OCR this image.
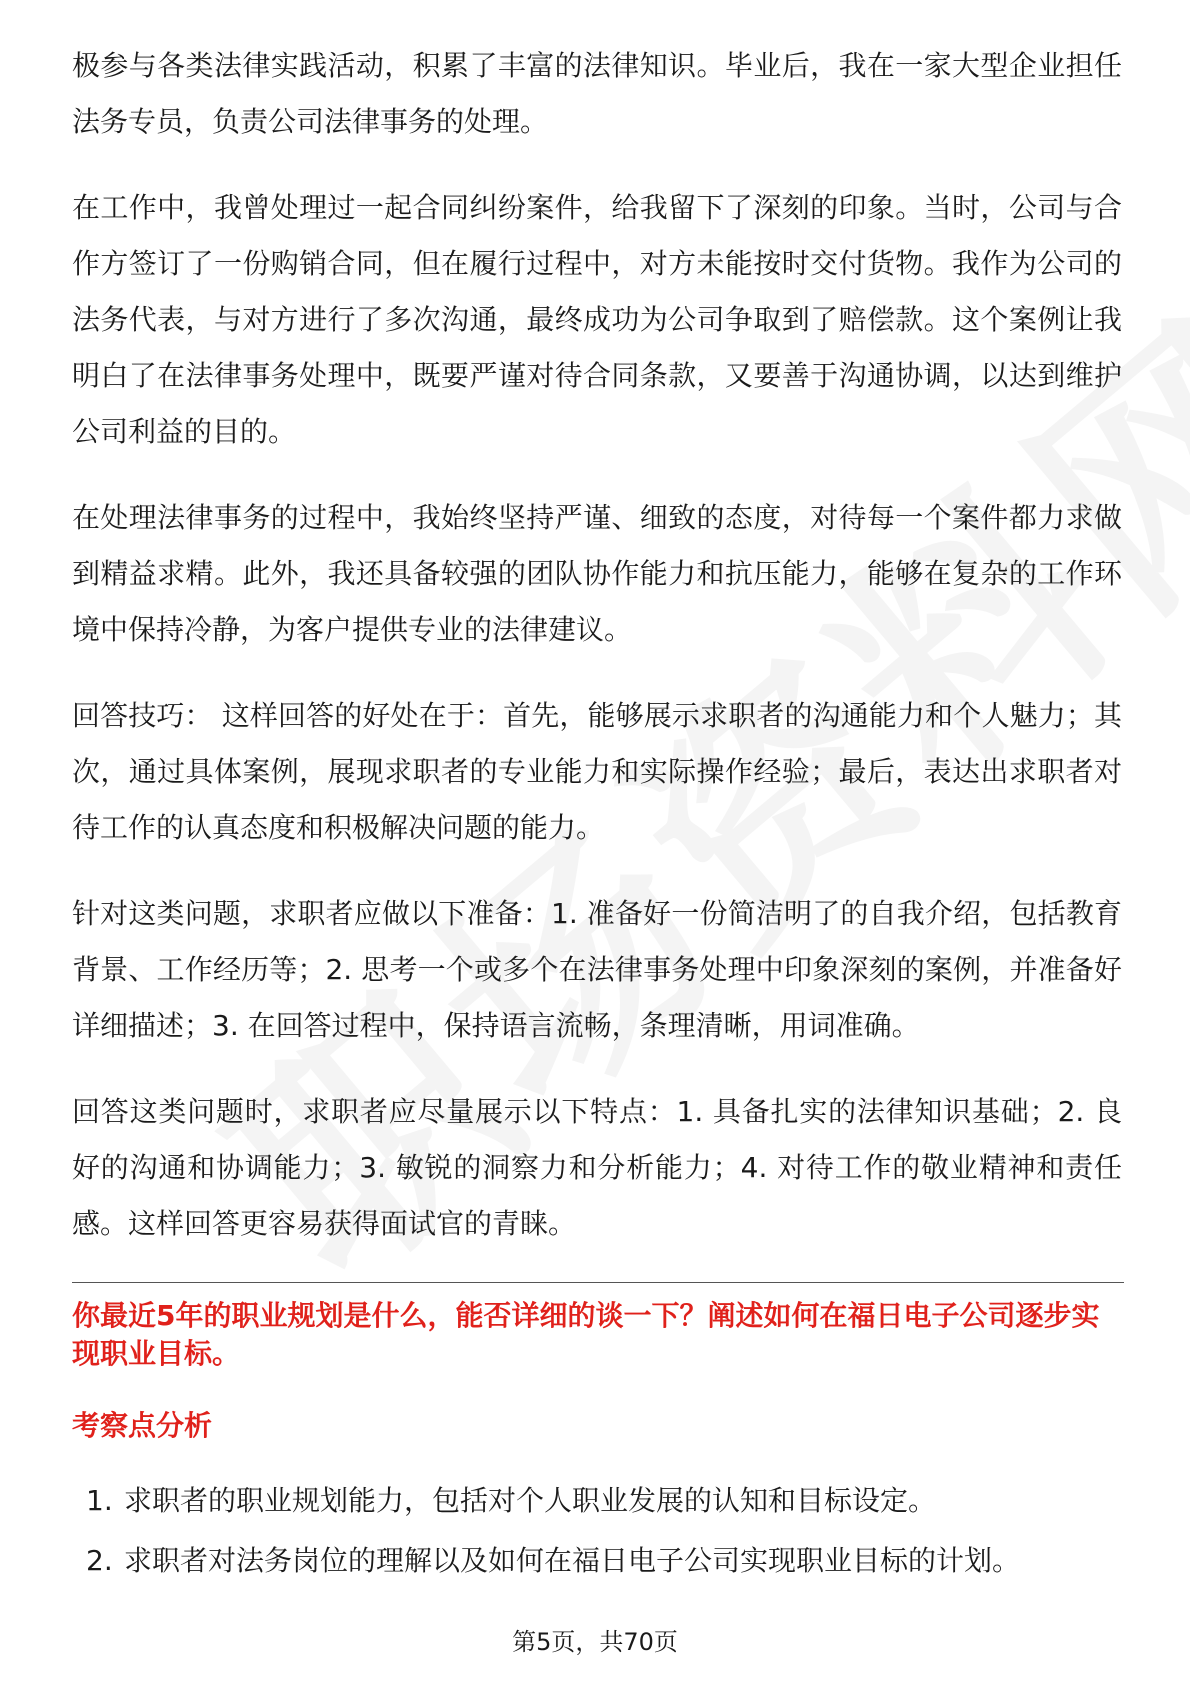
极参与各类法律实践活动，积累了丰富的法律知识。毕业后，我在一家大型企业担任法务专员，负责公司法律事务的处理。

在工作中，我曾处理过一起合同纠纷案件，给我留下了深刻的印象。当时，公司与合作方签订了一份购销合同，但在履行过程中，对方未能按时交付货物。我作为公司的法务代表，与对方进行了多次沟通，最终成功为公司争取到了赔偿款。这个案例让我明白了在法律事务处理中，既要严谨对待合同条款，又要善于沟通协调，以达到维护公司利益的目的。

在处理法律事务的过程中，我始终坚持严谨、细致的态度，对待每一个案件都力求做到精益求精。此外，我还具备较强的团队协作能力和抗压能力，能够在复杂的工作环境中保持冷静，为客户提供专业的法律建议。

回答技巧： 这样回答的好处在于：首先，能够展示求职者的沟通能力和个人魅力；其次，通过具体案例，展现求职者的专业能力和实际操作经验；最后，表达出求职者对待工作的认真态度和积极解决问题的能力。

针对这类问题，求职者应做以下准备：1. 准备好一份简洁明了的自我介绍，包括教育背景、工作经历等；2. 思考一个或多个在法律事务处理中印象深刻的案例，并准备好详细描述；3. 在回答过程中，保持语言流畅，条理清晰，用词准确。

回答这类问题时，求职者应尽量展示以下特点：1. 具备扎实的法律知识基础；2. 良好的沟通和协调能力；3. 敏锐的洞察力和分析能力；4. 对待工作的敬业精神和责任感。这样回答更容易获得面试官的青睐。

你最近5年的职业规划是什么，能否详细的谈一下？阐述如何在福日电子公司逐步实现职业目标。

考察点分析

1. 求职者的职业规划能力，包括对个人职业发展的认知和目标设定。
2. 求职者对法务岗位的理解以及如何在福日电子公司实现职业目标的计划。
第5页，共70页
